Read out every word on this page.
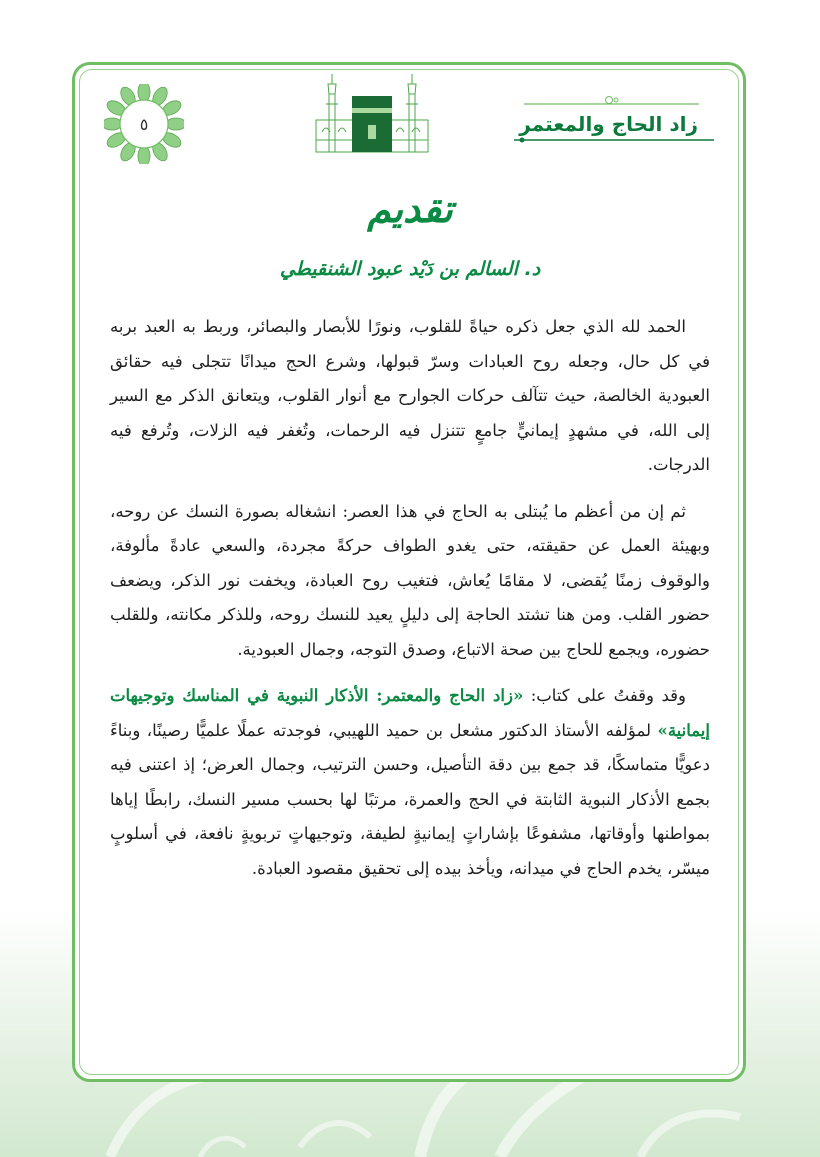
زاد الحاج والمعتمر
٥
تقديم
د. السالم بن دَيْد عبود الشنقيطي

الحمد لله الذي جعل ذكره حياةً للقلوب، ونورًا للأبصار والبصائر، وربط به العبد بربه في كل حال، وجعله روح العبادات وسرّ قبولها، وشرع الحج ميدانًا تتجلى فيه حقائق العبودية الخالصة، حيث تتآلف حركات الجوارح مع أنوار القلوب، ويتعانق الذكر مع السير إلى الله، في مشهدٍ إيمانيٍّ جامعٍ تتنزل فيه الرحمات، وتُغفر فيه الزلات، وتُرفع فيه الدرجات.

ثم إن من أعظم ما يُبتلى به الحاج في هذا العصر: انشغاله بصورة النسك عن روحه، وبهيئة العمل عن حقيقته، حتى يغدو الطواف حركةً مجردة، والسعي عادةً مألوفة، والوقوف زمنًا يُقضى، لا مقامًا يُعاش، فتغيب روح العبادة، ويخفت نور الذكر، ويضعف حضور القلب. ومن هنا تشتد الحاجة إلى دليلٍ يعيد للنسك روحه، وللذكر مكانته، وللقلب حضوره، ويجمع للحاج بين صحة الاتباع، وصدق التوجه، وجمال العبودية.

وقد وقفتُ على كتاب: «زاد الحاج والمعتمر: الأذكار النبوية في المناسك وتوجيهات إيمانية» لمؤلفه الأستاذ الدكتور مشعل بن حميد اللهيبي، فوجدته عملًا علميًّا رصينًا، وبناءً دعويًّا متماسكًا، قد جمع بين دقة التأصيل، وحسن الترتيب، وجمال العرض؛ إذ اعتنى فيه بجمع الأذكار النبوية الثابتة في الحج والعمرة، مرتبًا لها بحسب مسير النسك، رابطًا إياها بمواطنها وأوقاتها، مشفوعًا بإشاراتٍ إيمانيةٍ لطيفة، وتوجيهاتٍ تربويةٍ نافعة، في أسلوبٍ ميسّر، يخدم الحاج في ميدانه، ويأخذ بيده إلى تحقيق مقصود العبادة.
